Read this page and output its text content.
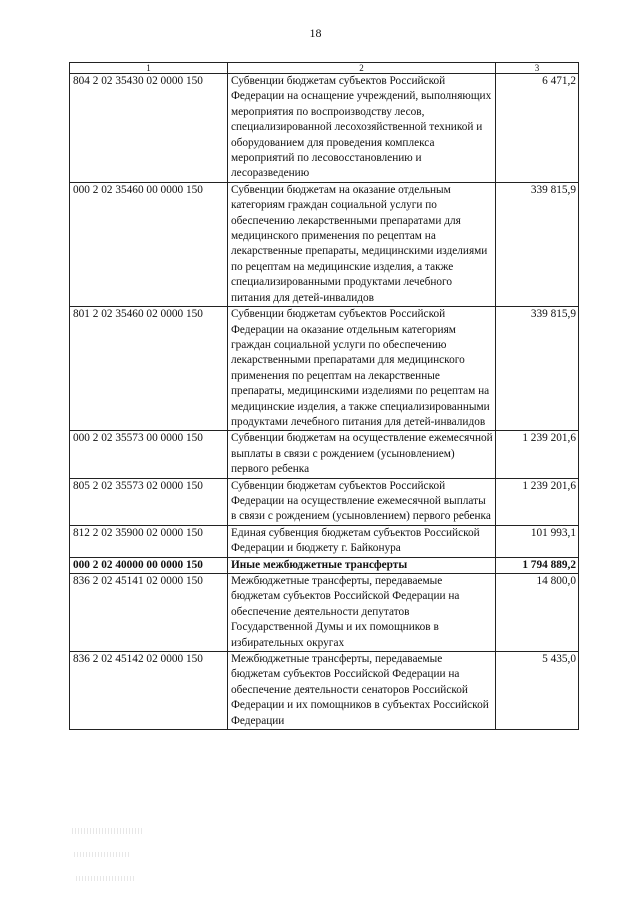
18
1	2	3
804 2 02 35430 02 0000 150	Субвенции бюджетам субъектов Российской Федерации на оснащение учреждений, выполняющих мероприятия по воспроизводству лесов, специализированной лесохозяйственной техникой и оборудованием для проведения комплекса мероприятий по лесовосстановлению и лесоразведению	6 471,2
000 2 02 35460 00 0000 150	Субвенции бюджетам на оказание отдельным категориям граждан социальной услуги по обеспечению лекарственными препаратами для медицинского применения по рецептам на лекарственные препараты, медицинскими изделиями по рецептам на медицинские изделия, а также специализированными продуктами лечебного питания для детей-инвалидов	339 815,9
801 2 02 35460 02 0000 150	Субвенции бюджетам субъектов Российской Федерации на оказание отдельным категориям граждан социальной услуги по обеспечению лекарственными препаратами для медицинского применения по рецептам на лекарственные препараты, медицинскими изделиями по рецептам на медицинские изделия, а также специализированными продуктами лечебного питания для детей-инвалидов	339 815,9
000 2 02 35573 00 0000 150	Субвенции бюджетам на осуществление ежемесячной выплаты в связи с рождением (усыновлением) первого ребенка	1 239 201,6
805 2 02 35573 02 0000 150	Субвенции бюджетам субъектов Российской Федерации на осуществление ежемесячной выплаты в связи с рождением (усыновлением) первого ребенка	1 239 201,6
812 2 02 35900 02 0000 150	Единая субвенция бюджетам субъектов Российской Федерации и бюджету г. Байконура	101 993,1
000 2 02 40000 00 0000 150	Иные межбюджетные трансферты	1 794 889,2
836 2 02 45141 02 0000 150	Межбюджетные трансферты, передаваемые бюджетам субъектов Российской Федерации на обеспечение деятельности депутатов Государственной Думы и их помощников в избирательных округах	14 800,0
836 2 02 45142 02 0000 150	Межбюджетные трансферты, передаваемые бюджетам субъектов Российской Федерации на обеспечение деятельности сенаторов Российской Федерации и их помощников в субъектах Российской Федерации	5 435,0
